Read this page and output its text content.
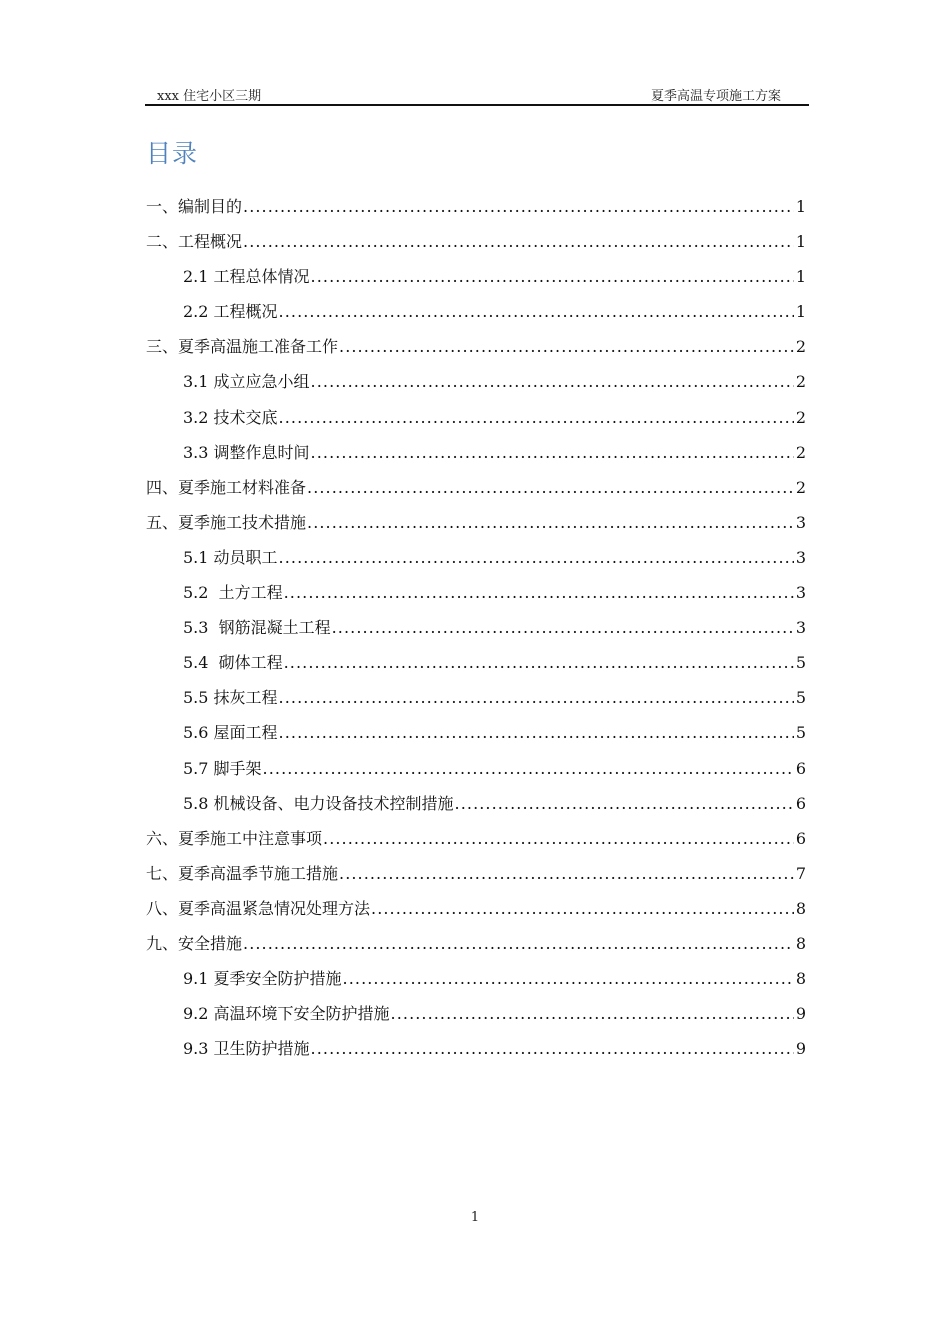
xxx 住宅小区三期	夏季高温专项施工方案
目录
一、编制目的 . . .	1
二、工程概况 . . .	1
2.1 工程总体情况 . . .	1
2.2 工程概况 . . .	1
三、夏季高温施工准备工作 . . .	2
3.1 成立应急小组 . . .	2
3.2 技术交底 . . .	2
3.3 调整作息时间 . . .	2
四、夏季施工材料准备 . . .	2
五、夏季施工技术措施 . . .	3
5.1 动员职工 . . .	3
5.2  土方工程 . . .	3
5.3  钢筋混凝土工程 . . .	3
5.4  砌体工程 . . .	5
5.5 抹灰工程 . . .	5
5.6 屋面工程 . . .	5
5.7 脚手架 . . .	6
5.8 机械设备、电力设备技术控制措施 . . .	6
六、夏季施工中注意事项 . . .	6
七、夏季高温季节施工措施 . . .	7
八、夏季高温紧急情况处理方法 . . .	8
九、安全措施 . . .	8
9.1 夏季安全防护措施 . . .	8
9.2 高温环境下安全防护措施 . . .	9
9.3 卫生防护措施 . . .	9
1
